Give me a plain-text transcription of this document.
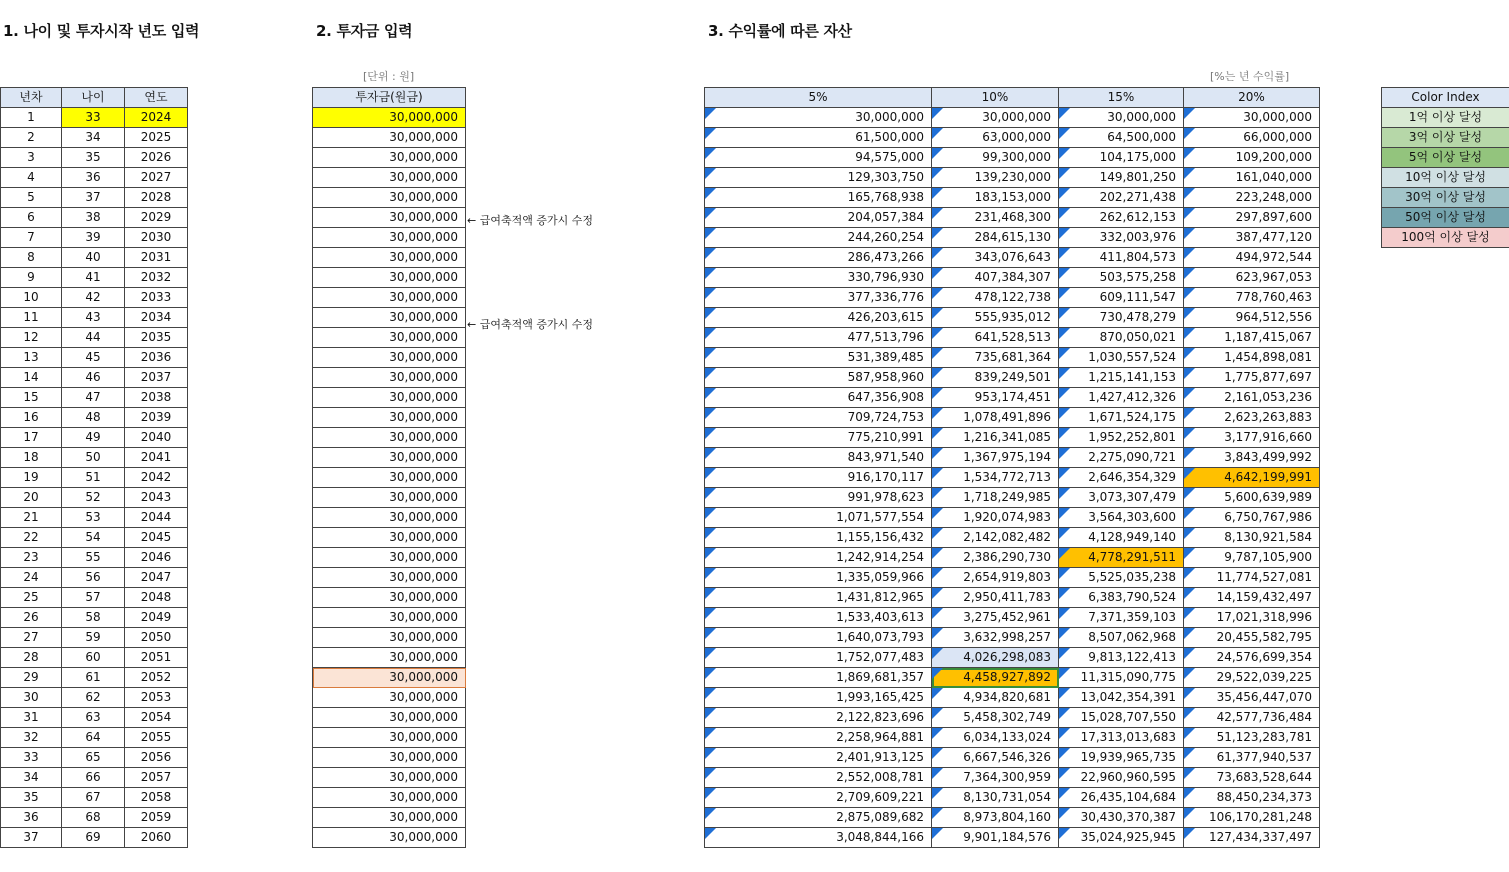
1. 나이 및 투자시작 년도 입력	2. 투자금 입력	3. 수익률에 따른 자산
[단위 : 원]	[%는 년 수익률]
년차	나이	연도
1	33	2024
2	34	2025
3	35	2026
4	36	2027
5	37	2028
6	38	2029
7	39	2030
8	40	2031
9	41	2032
10	42	2033
11	43	2034
12	44	2035
13	45	2036
14	46	2037
15	47	2038
16	48	2039
17	49	2040
18	50	2041
19	51	2042
20	52	2043
21	53	2044
22	54	2045
23	55	2046
24	56	2047
25	57	2048
26	58	2049
27	59	2050
28	60	2051
29	61	2052
30	62	2053
31	63	2054
32	64	2055
33	65	2056
34	66	2057
35	67	2058
36	68	2059
37	69	2060
투자금(원금)
30,000,000
30,000,000
30,000,000
30,000,000
30,000,000
30,000,000
30,000,000
30,000,000
30,000,000
30,000,000
30,000,000
30,000,000
30,000,000
30,000,000
30,000,000
30,000,000
30,000,000
30,000,000
30,000,000
30,000,000
30,000,000
30,000,000
30,000,000
30,000,000
30,000,000
30,000,000
30,000,000
30,000,000
30,000,000
30,000,000
30,000,000
30,000,000
30,000,000
30,000,000
30,000,000
30,000,000
30,000,000
← 급여축적액 증가시 수정
← 급여축적액 증가시 수정
5%	10%	15%	20%
30,000,000	30,000,000	30,000,000	30,000,000
61,500,000	63,000,000	64,500,000	66,000,000
94,575,000	99,300,000	104,175,000	109,200,000
129,303,750	139,230,000	149,801,250	161,040,000
165,768,938	183,153,000	202,271,438	223,248,000
204,057,384	231,468,300	262,612,153	297,897,600
244,260,254	284,615,130	332,003,976	387,477,120
286,473,266	343,076,643	411,804,573	494,972,544
330,796,930	407,384,307	503,575,258	623,967,053
377,336,776	478,122,738	609,111,547	778,760,463
426,203,615	555,935,012	730,478,279	964,512,556
477,513,796	641,528,513	870,050,021	1,187,415,067
531,389,485	735,681,364	1,030,557,524	1,454,898,081
587,958,960	839,249,501	1,215,141,153	1,775,877,697
647,356,908	953,174,451	1,427,412,326	2,161,053,236
709,724,753	1,078,491,896	1,671,524,175	2,623,263,883
775,210,991	1,216,341,085	1,952,252,801	3,177,916,660
843,971,540	1,367,975,194	2,275,090,721	3,843,499,992
916,170,117	1,534,772,713	2,646,354,329	4,642,199,991
991,978,623	1,718,249,985	3,073,307,479	5,600,639,989
1,071,577,554	1,920,074,983	3,564,303,600	6,750,767,986
1,155,156,432	2,142,082,482	4,128,949,140	8,130,921,584
1,242,914,254	2,386,290,730	4,778,291,511	9,787,105,900
1,335,059,966	2,654,919,803	5,525,035,238	11,774,527,081
1,431,812,965	2,950,411,783	6,383,790,524	14,159,432,497
1,533,403,613	3,275,452,961	7,371,359,103	17,021,318,996
1,640,073,793	3,632,998,257	8,507,062,968	20,455,582,795
1,752,077,483	4,026,298,083	9,813,122,413	24,576,699,354
1,869,681,357	4,458,927,892	11,315,090,775	29,522,039,225
1,993,165,425	4,934,820,681	13,042,354,391	35,456,447,070
2,122,823,696	5,458,302,749	15,028,707,550	42,577,736,484
2,258,964,881	6,034,133,024	17,313,013,683	51,123,283,781
2,401,913,125	6,667,546,326	19,939,965,735	61,377,940,537
2,552,008,781	7,364,300,959	22,960,960,595	73,683,528,644
2,709,609,221	8,130,731,054	26,435,104,684	88,450,234,373
2,875,089,682	8,973,804,160	30,430,370,387	106,170,281,248
3,048,844,166	9,901,184,576	35,024,925,945	127,434,337,497
Color Index
1억 이상 달성
3억 이상 달성
5억 이상 달성
10억 이상 달성
30억 이상 달성
50억 이상 달성
100억 이상 달성
